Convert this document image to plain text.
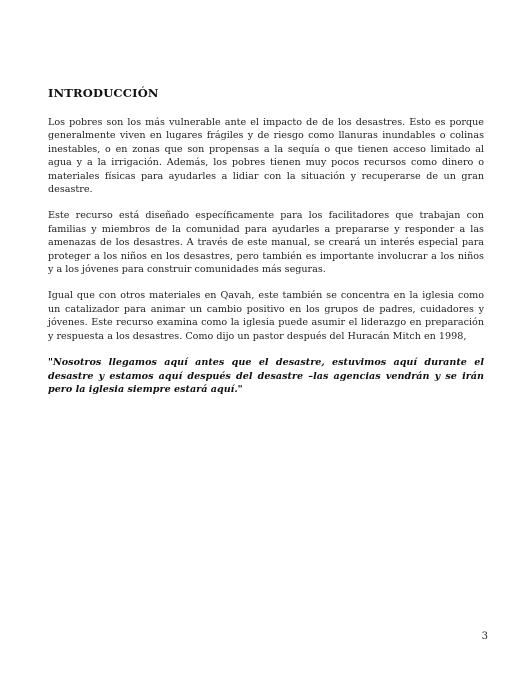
INTRODUCCIÓN

Los pobres son los más vulnerable ante el impacto de de los desastres. Esto es porque generalmente viven en lugares frágiles y de riesgo como llanuras inundables o colinas inestables, o en zonas que son propensas a la sequía o que tienen acceso limitado al agua y a la irrigación. Además, los pobres tienen muy pocos recursos como dinero o materiales físicas para ayudarles a lidiar con la situación y recuperarse de un gran desastre.

Este recurso está diseñado específicamente para los facilitadores que trabajan con familias y miembros de la comunidad para ayudarles a prepararse y responder a las amenazas de los desastres. A través de este manual, se creará un interés especial para proteger a los niños en los desastres, pero también es importante involucrar a los niños y a los jóvenes para construir comunidades más seguras.

Igual que con otros materiales en Qavah, este también se concentra en la iglesia como un catalizador para animar un cambio positivo en los grupos de padres, cuidadores y jóvenes. Este recurso examina como la iglesia puede asumir el liderazgo en preparación y respuesta a los desastres. Como dijo un pastor después del Huracán Mitch en 1998,

"Nosotros llegamos aquí antes que el desastre, estuvimos aquí durante el desastre y estamos aquí después del desastre –las agencias vendrán y se irán pero la iglesia siempre estará aquí."

3
